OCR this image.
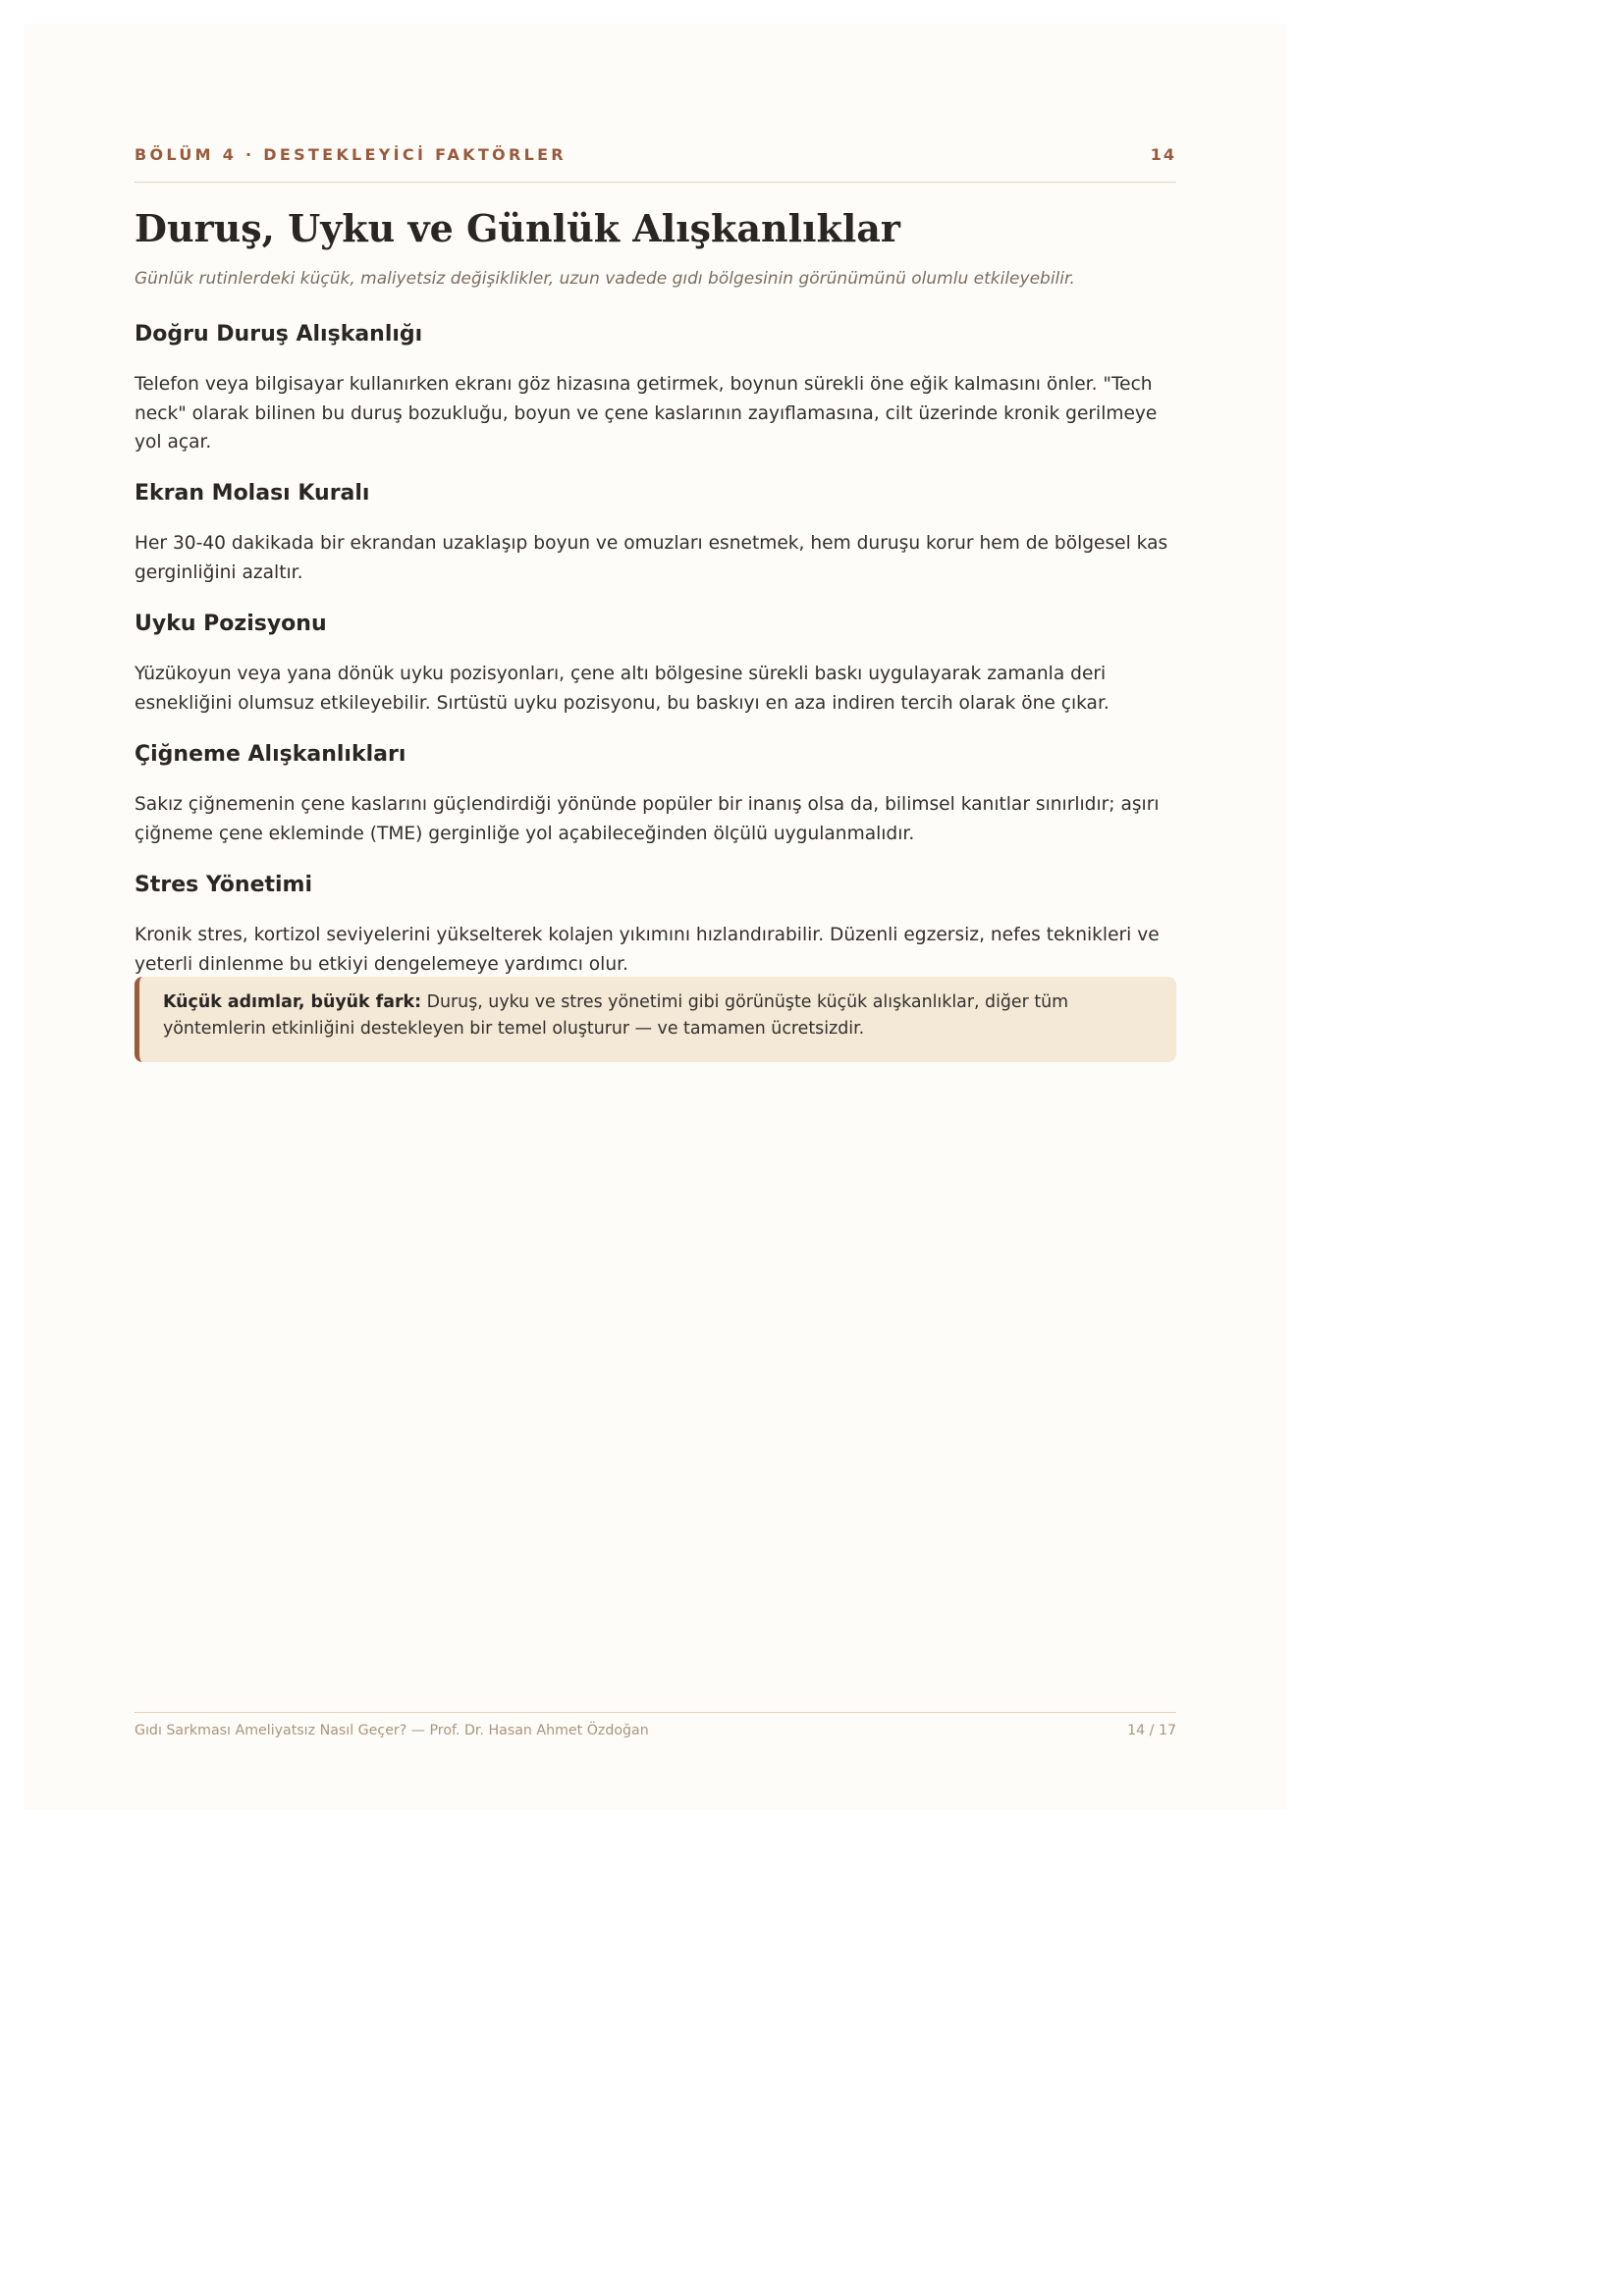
BÖLÜM 4 · DESTEKLEYİCİ FAKTÖRLER	14
Duruş, Uyku ve Günlük Alışkanlıklar

Günlük rutinlerdeki küçük, maliyetsiz değişiklikler, uzun vadede gıdı bölgesinin görünümünü olumlu etkileyebilir.

Doğru Duruş Alışkanlığı

Telefon veya bilgisayar kullanırken ekranı göz hizasına getirmek, boynun sürekli öne eğik kalmasını önler. "Tech neck" olarak bilinen bu duruş bozukluğu, boyun ve çene kaslarının zayıflamasına, cilt üzerinde kronik gerilmeye yol açar.

Ekran Molası Kuralı

Her 30-40 dakikada bir ekrandan uzaklaşıp boyun ve omuzları esnetmek, hem duruşu korur hem de bölgesel kas gerginliğini azaltır.

Uyku Pozisyonu

Yüzükoyun veya yana dönük uyku pozisyonları, çene altı bölgesine sürekli baskı uygulayarak zamanla deri esnekliğini olumsuz etkileyebilir. Sırtüstü uyku pozisyonu, bu baskıyı en aza indiren tercih olarak öne çıkar.

Çiğneme Alışkanlıkları

Sakız çiğnemenin çene kaslarını güçlendirdiği yönünde popüler bir inanış olsa da, bilimsel kanıtlar sınırlıdır; aşırı çiğneme çene ekleminde (TME) gerginliğe yol açabileceğinden ölçülü uygulanmalıdır.

Stres Yönetimi

Kronik stres, kortizol seviyelerini yükselterek kolajen yıkımını hızlandırabilir. Düzenli egzersiz, nefes teknikleri ve yeterli dinlenme bu etkiyi dengelemeye yardımcı olur.

Küçük adımlar, büyük fark: Duruş, uyku ve stres yönetimi gibi görünüşte küçük alışkanlıklar, diğer tüm yöntemlerin etkinliğini destekleyen bir temel oluşturur — ve tamamen ücretsizdir.
Gıdı Sarkması Ameliyatsız Nasıl Geçer? — Prof. Dr. Hasan Ahmet Özdoğan	14 / 17
